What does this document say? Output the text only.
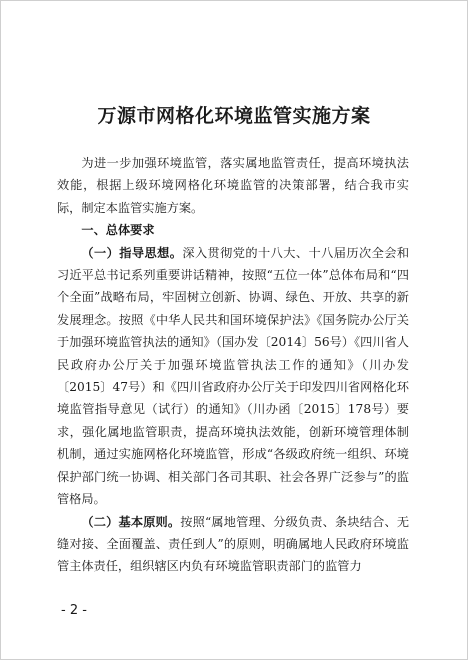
万源市网格化环境监管实施方案

为进一步加强环境监管，落实属地监管责任，提高环境执法效能，根据上级环境网格化环境监管的决策部署，结合我市实际，制定本监管实施方案。

一、总体要求

（一）指导思想。深入贯彻党的十八大、十八届历次全会和习近平总书记系列重要讲话精神，按照“五位一体”总体布局和“四个全面”战略布局，牢固树立创新、协调、绿色、开放、共享的新发展理念。按照《中华人民共和国环境保护法》《国务院办公厅关于加强环境监管执法的通知》（国办发〔2014〕56号）《四川省人民政府办公厅关于加强环境监管执法工作的通知》（川办发〔2015〕47号）和《四川省政府办公厅关于印发四川省网格化环境监管指导意见（试行）的通知》（川办函〔2015〕178号）要求，强化属地监管职责，提高环境执法效能，创新环境管理体制机制，通过实施网格化环境监管，形成“各级政府统一组织、环境保护部门统一协调、相关部门各司其职、社会各界广泛参与”的监管格局。

（二）基本原则。按照“属地管理、分级负责、条块结合、无缝对接、全面覆盖、责任到人”的原则，明确属地人民政府环境监管主体责任，组织辖区内负有环境监管职责部门的监管力

- 2 -
